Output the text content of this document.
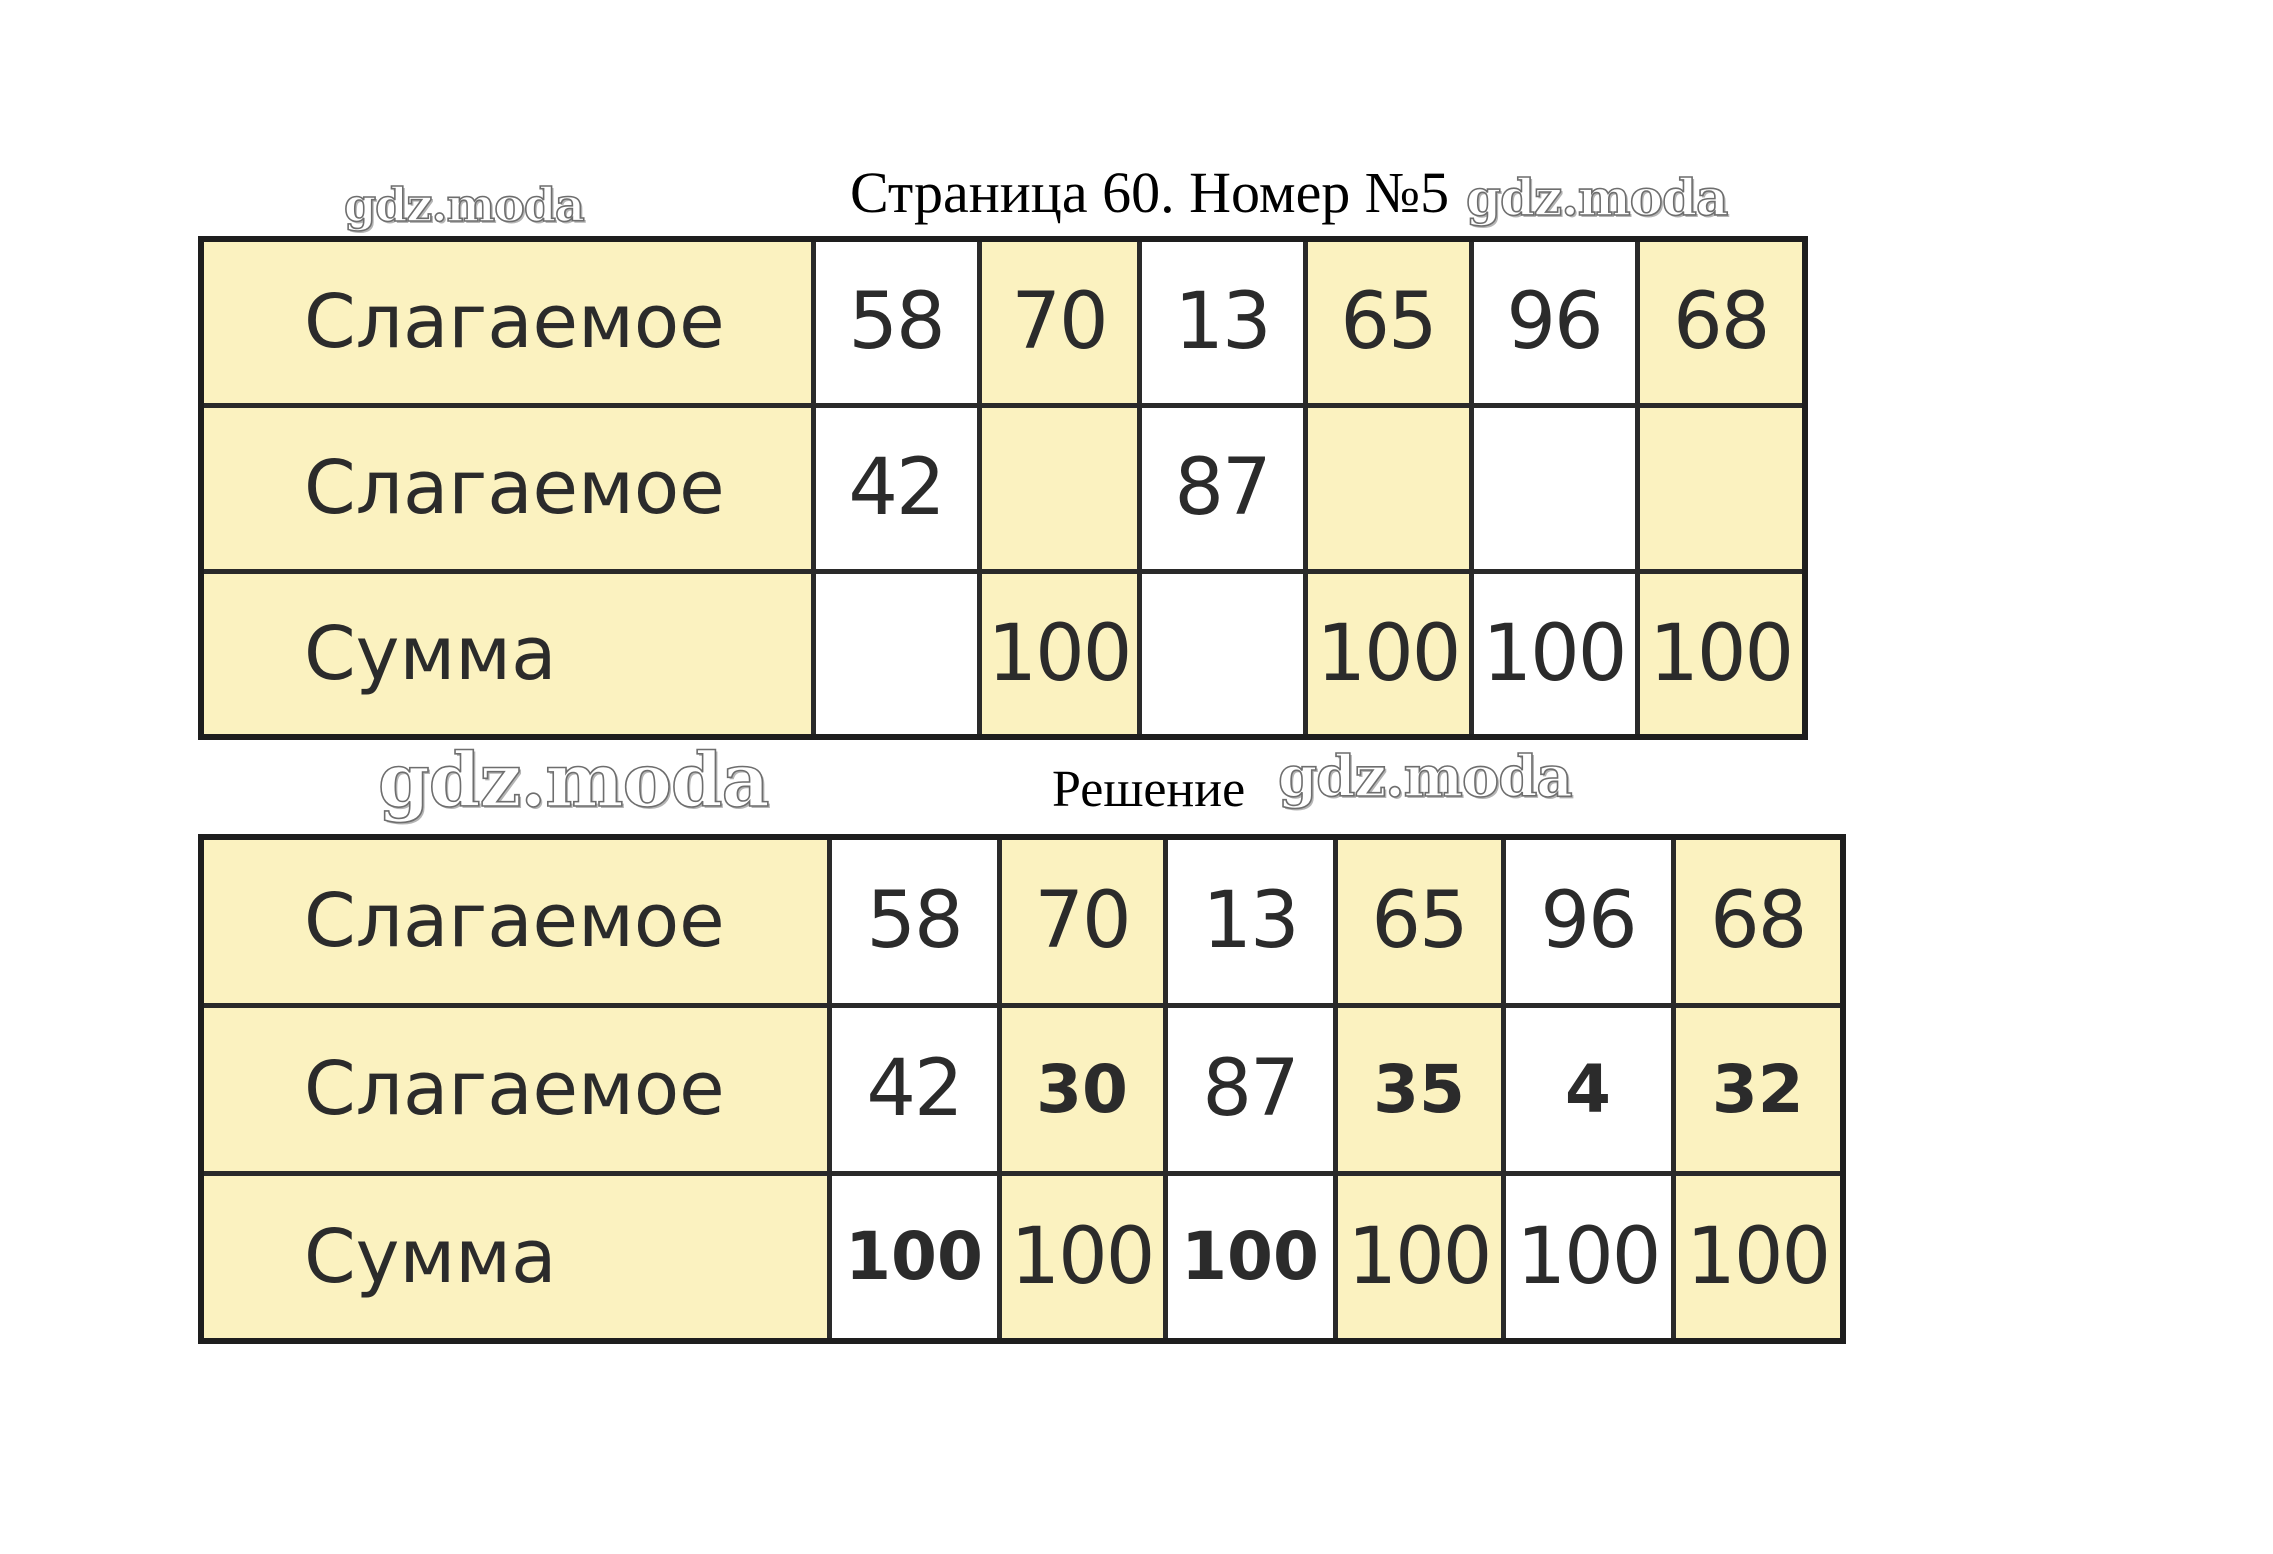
Страница 60. Номер №5
Решение
gdz.moda	gdz.moda
gdz.moda	gdz.moda
Слагаемое	58	70	13	65	96	68
Слагаемое	42		87			
Сумма		100		100	100	100
Слагаемое	58	70	13	65	96	68
Слагаемое	42	30	87	35	4	32
Сумма	100	100	100	100	100	100
